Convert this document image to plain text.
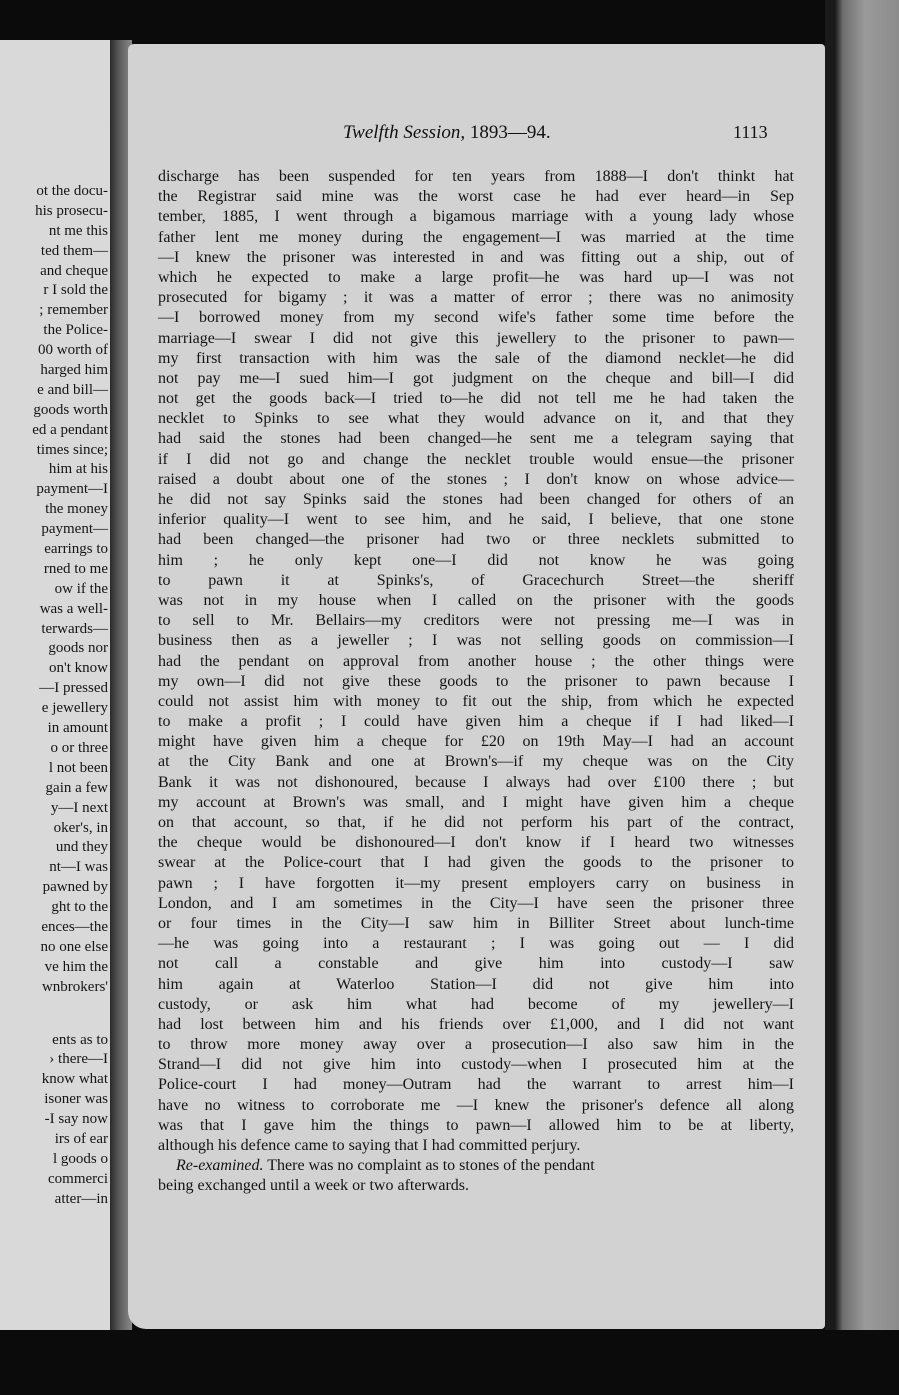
ot the docu-
his prosecu-
nt me this
ted them—
and cheque
r I sold the
; remember
the Police-
00 worth of
harged him
e and bill—
goods worth
ed a pendant
times since;
him at his
payment—I
the money
payment—
earrings to
rned to me
ow if the
was a well-
terwards—
goods nor
on't know
—I pressed
e jewellery
in amount
o or three
l not been
gain a few
y—I next
oker's, in
und they
nt—I was
pawned by
ght to the
ences—the
no one else
ve him the
wnbrokers'
ents as to
› there—I
know what
isoner was
-I say now
irs of ear
l goods o
commerci
atter—in
Twelfth Session, 1893—94.	1113
discharge has been suspended for ten years from 1888—I don't thinkt hat
the Registrar said mine was the worst case he had ever heard—in Sep
tember, 1885, I went through a bigamous marriage with a young lady whose
father lent me money during the engagement—I was married at the time
—I knew the prisoner was interested in and was fitting out a ship, out of
which he expected to make a large profit—he was hard up—I was not
prosecuted for bigamy ; it was a matter of error ; there was no animosity
—I borrowed money from my second wife's father some time before the
marriage—I swear I did not give this jewellery to the prisoner to pawn—
my first transaction with him was the sale of the diamond necklet—he did
not pay me—I sued him—I got judgment on the cheque and bill—I did
not get the goods back—I tried to—he did not tell me he had taken the
necklet to Spinks to see what they would advance on it, and that they
had said the stones had been changed—he sent me a telegram saying that
if I did not go and change the necklet trouble would ensue—the prisoner
raised a doubt about one of the stones ; I don't know on whose advice—
he did not say Spinks said the stones had been changed for others of an
inferior quality—I went to see him, and he said, I believe, that one stone
had been changed—the prisoner had two or three necklets submitted to
him ; he only kept one—I did not know he was going
to pawn it at Spinks's, of Gracechurch Street—the sheriff
was not in my house when I called on the prisoner with the goods
to sell to Mr. Bellairs—my creditors were not pressing me—I was in
business then as a jeweller ; I was not selling goods on commission—I
had the pendant on approval from another house ; the other things were
my own—I did not give these goods to the prisoner to pawn because I
could not assist him with money to fit out the ship, from which he expected
to make a profit ; I could have given him a cheque if I had liked—I
might have given him a cheque for £20 on 19th May—I had an account
at the City Bank and one at Brown's—if my cheque was on the City
Bank it was not dishonoured, because I always had over £100 there ; but
my account at Brown's was small, and I might have given him a cheque
on that account, so that, if he did not perform his part of the contract,
the cheque would be dishonoured—I don't know if I heard two witnesses
swear at the Police-court that I had given the goods to the prisoner to
pawn ; I have forgotten it—my present employers carry on business in
London, and I am sometimes in the City—I have seen the prisoner three
or four times in the City—I saw him in Billiter Street about lunch-time
—he was going into a restaurant ; I was going out — I did
not call a constable and give him into custody—I saw
him again at Waterloo Station—I did not give him into
custody, or ask him what had become of my jewellery—I
had lost between him and his friends over £1,000, and I did not want
to throw more money away over a prosecution—I also saw him in the
Strand—I did not give him into custody—when I prosecuted him at the
Police-court I had money—Outram had the warrant to arrest him—I
have no witness to corroborate me —I knew the prisoner's defence all along
was that I gave him the things to pawn—I allowed him to be at liberty,
although his defence came to saying that I had committed perjury.
Re-examined. There was no complaint as to stones of the pendant
being exchanged until a week or two afterwards.
